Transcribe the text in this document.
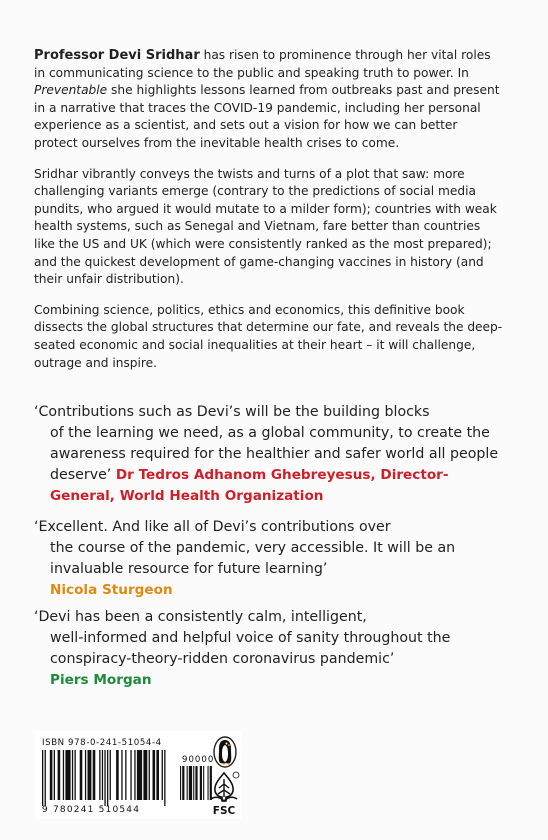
Professor Devi Sridhar has risen to prominence through her vital roles in communicating science to the public and speaking truth to power. In Preventable she highlights lessons learned from outbreaks past and present in a narrative that traces the COVID-19 pandemic, including her personal experience as a scientist, and sets out a vision for how we can better protect ourselves from the inevitable health crises to come.

Sridhar vibrantly conveys the twists and turns of a plot that saw: more challenging variants emerge (contrary to the predictions of social media pundits, who argued it would mutate to a milder form); countries with weak health systems, such as Senegal and Vietnam, fare better than countries like the US and UK (which were consistently ranked as the most prepared); and the quickest development of game-changing vaccines in history (and their unfair distribution).

Combining science, politics, ethics and economics, this definitive book dissects the global structures that determine our fate, and reveals the deep-seated economic and social inequalities at their heart – it will challenge, outrage and inspire.

‘Contributions such as Devi’s will be the building blocks
of the learning we need, as a global community, to create the awareness required for the healthier and safer world all people deserve’ Dr Tedros Adhanom Ghebreyesus, Director-General, World Health Organization

‘Excellent. And like all of Devi’s contributions over
the course of the pandemic, very accessible. It will be an invaluable resource for future learning’
Nicola Sturgeon

‘Devi has been a consistently calm, intelligent,
well-informed and helpful voice of sanity throughout the conspiracy-theory-ridden coronavirus pandemic’
Piers Morgan

ISBN 978-0-241-51054-4
90000
9 780241 510544	FSC
